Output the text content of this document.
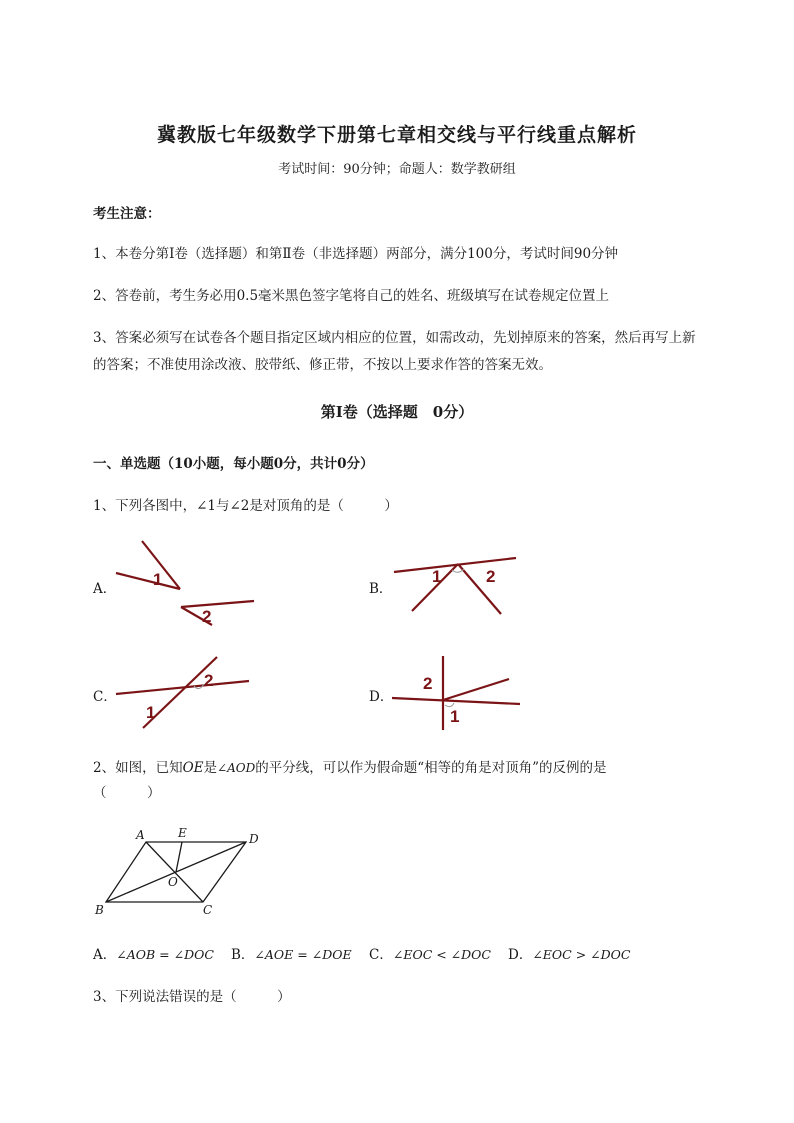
冀教版七年级数学下册第七章相交线与平行线重点解析
考试时间：90分钟；命题人：数学教研组
考生注意：
1、本卷分第I卷（选择题）和第Ⅱ卷（非选择题）两部分，满分100分，考试时间90分钟
2、答卷前，考生务必用0.5毫米黑色签字笔将自己的姓名、班级填写在试卷规定位置上
3、答案必须写在试卷各个题目指定区域内相应的位置，如需改动，先划掉原来的答案，然后再写上新
的答案；不准使用涂改液、胶带纸、修正带，不按以上要求作答的答案无效。
第I卷（选择题　0分）
一、单选题（10小题，每小题0分，共计0分）
1、下列各图中，∠1与∠2是对顶角的是（　　　）
A． 1
2
B．
1	2
C．
2
1
D．
2
1
2、如图，已知OE是∠AOD的平分线，可以作为假命题“相等的角是对顶角”的反例的是
（　　　）
A	E	D
O
B	C
A．∠AOB = ∠DOC B．∠AOE = ∠DOE C．∠EOC < ∠DOC D．∠EOC > ∠DOC
3、下列说法错误的是（　　　）
